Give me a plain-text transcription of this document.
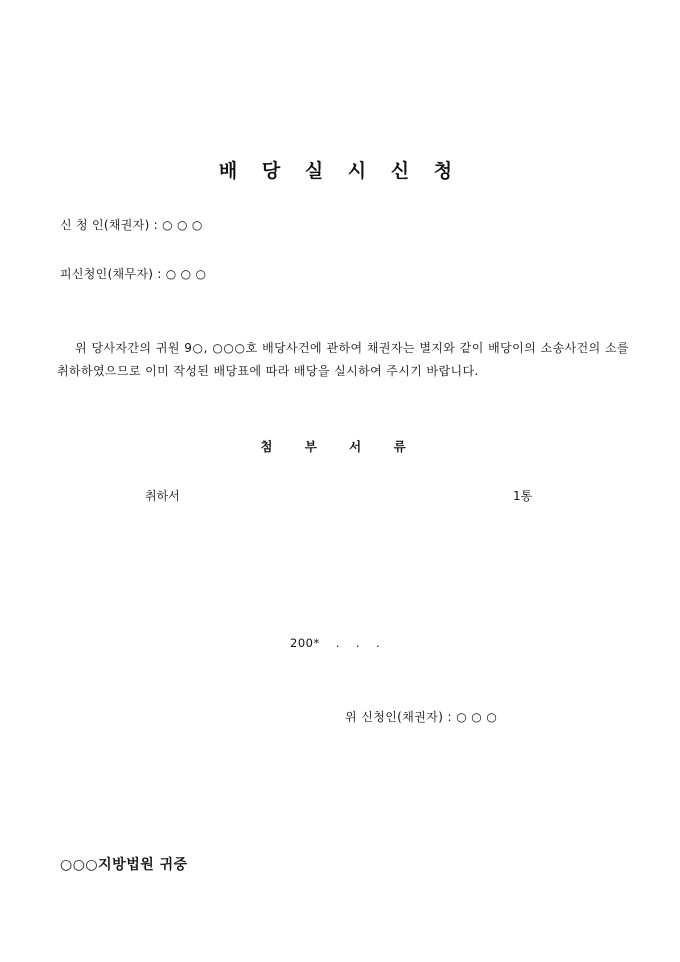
배 당 실 시 신 청
신 청 인(채권자) : ○ ○ ○
피신청인(채무자) : ○ ○ ○
위 당사자간의 귀원 9○, ○○○호 배당사건에 관하여 채권자는 별지와 같이 배당이의 소송사건의 소를 취하하였으므로 이미 작성된 배당표에 따라 배당을 실시하여 주시기 바랍니다.
첨 부 서 류
취하서	1통
200* . . .
위 신청인(채권자) : ○ ○ ○
○○○지방법원 귀중
